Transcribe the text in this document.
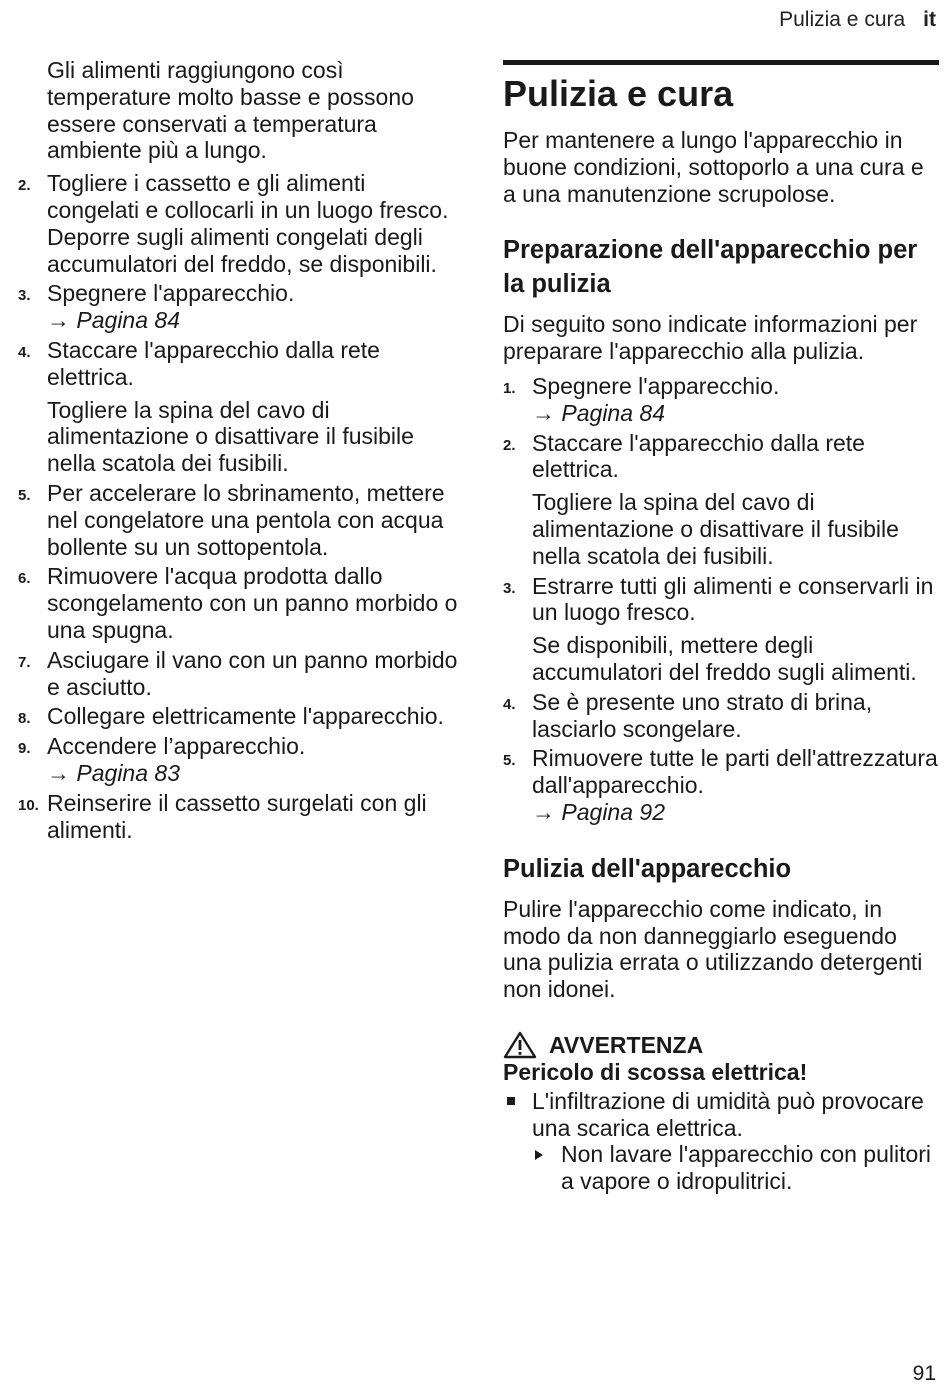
Pulizia e cura it

Gli alimenti raggiungono così temperature molto basse e possono essere conservati a temperatura ambiente più a lungo.

2. Togliere i cassetto e gli alimenti congelati e collocarli in un luogo fresco. Deporre sugli alimenti congelati degli accumulatori del freddo, se disponibili.
3. Spegnere l'apparecchio.
→ Pagina 84
4. Staccare l'apparecchio dalla rete elettrica.
Togliere la spina del cavo di alimentazione o disattivare il fusibile nella scatola dei fusibili.
5. Per accelerare lo sbrinamento, mettere nel congelatore una pentola con acqua bollente su un sottopentola.
6. Rimuovere l'acqua prodotta dallo scongelamento con un panno morbido o una spugna.
7. Asciugare il vano con un panno morbido e asciutto.
8. Collegare elettricamente l'apparecchio.
9. Accendere l’apparecchio.
→ Pagina 83
10. Reinserire il cassetto surgelati con gli alimenti.
Pulizia e cura

Per mantenere a lungo l'apparecchio in buone condizioni, sottoporlo a una cura e a una manutenzione scrupolose.

Preparazione dell'apparecchio per la pulizia

Di seguito sono indicate informazioni per preparare l'apparecchio alla pulizia.

1. Spegnere l'apparecchio.
→ Pagina 84
2. Staccare l'apparecchio dalla rete elettrica.
Togliere la spina del cavo di alimentazione o disattivare il fusibile nella scatola dei fusibili.
3. Estrarre tutti gli alimenti e conservarli in un luogo fresco.
Se disponibili, mettere degli accumulatori del freddo sugli alimenti.
4. Se è presente uno strato di brina, lasciarlo scongelare.
5. Rimuovere tutte le parti dell'attrezzatura dall'apparecchio.
→ Pagina 92
Pulizia dell'apparecchio

Pulire l'apparecchio come indicato, in modo da non danneggiarlo eseguendo una pulizia errata o utilizzando detergenti non idonei.

AVVERTENZA
Pericolo di scossa elettrica!
L'infiltrazione di umidità può provocare una scarica elettrica.
Non lavare l'apparecchio con pulitori a vapore o idropulitrici.
91
